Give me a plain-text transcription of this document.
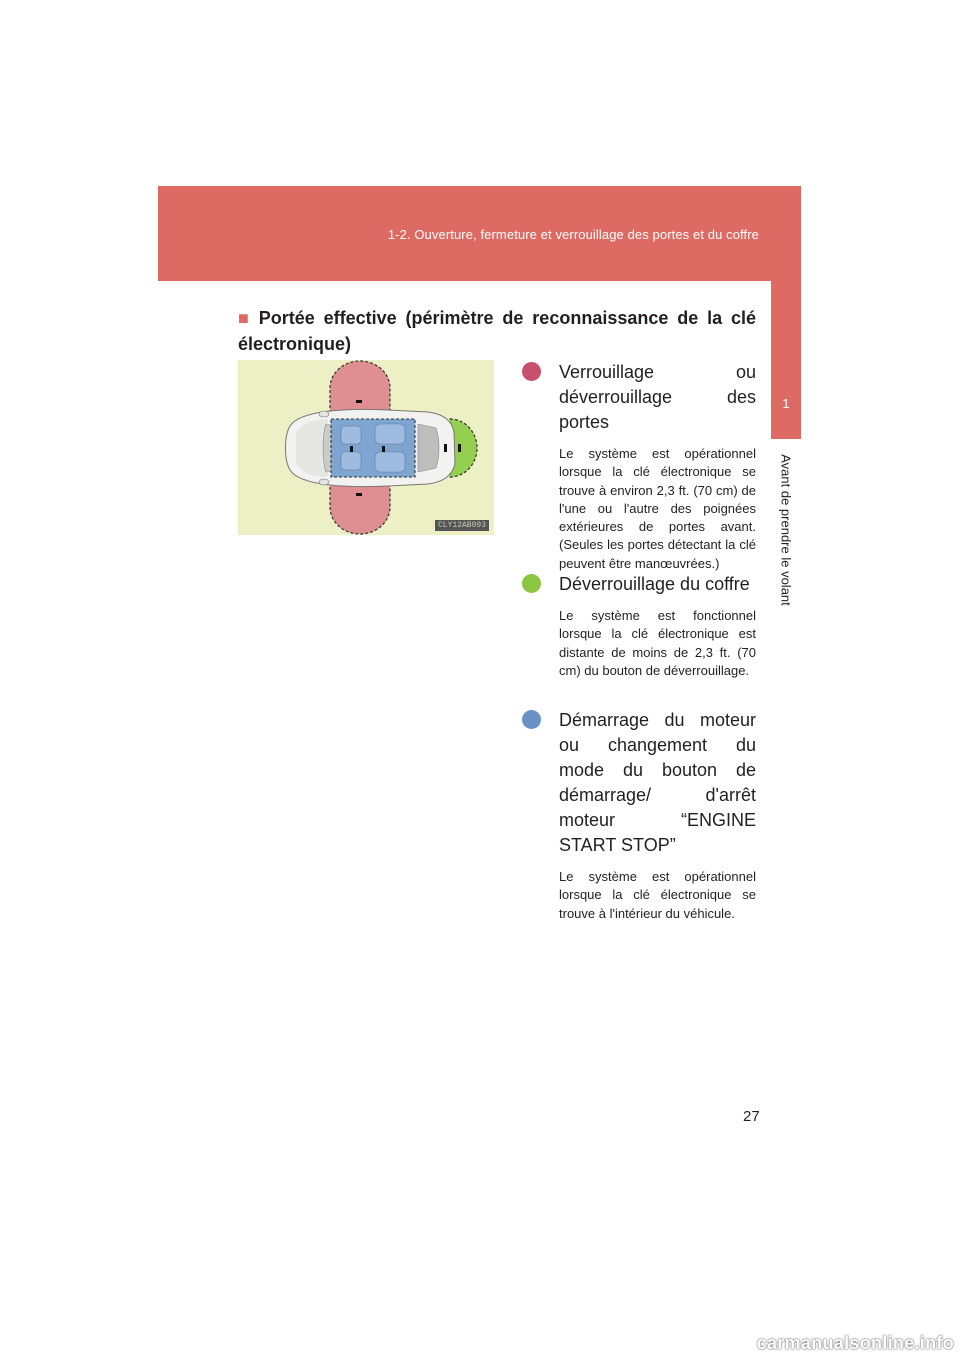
1-2. Ouverture, fermeture et verrouillage des portes et du coffre
1
Avant de prendre le volant
■ Portée effective (périmètre de reconnaissance de la clé électronique)
CLY12AB093
Verrouillage ou déverrouillage des portes
Le système est opérationnel lorsque la clé électronique se trouve à environ 2,3 ft. (70 cm) de l'une ou l'autre des poignées extérieures de portes avant. (Seules les portes détectant la clé peuvent être manœuvrées.)
Déverrouillage du coffre
Le système est fonctionnel lorsque la clé électronique est distante de moins de 2,3 ft. (70 cm) du bouton de déverrouillage.
Démarrage du moteur ou changement du mode du bouton de démarrage/ d'arrêt moteur “ENGINE START STOP”
Le système est opérationnel lorsque la clé électronique se trouve à l'intérieur du véhicule.
27
carmanualsonline.info
